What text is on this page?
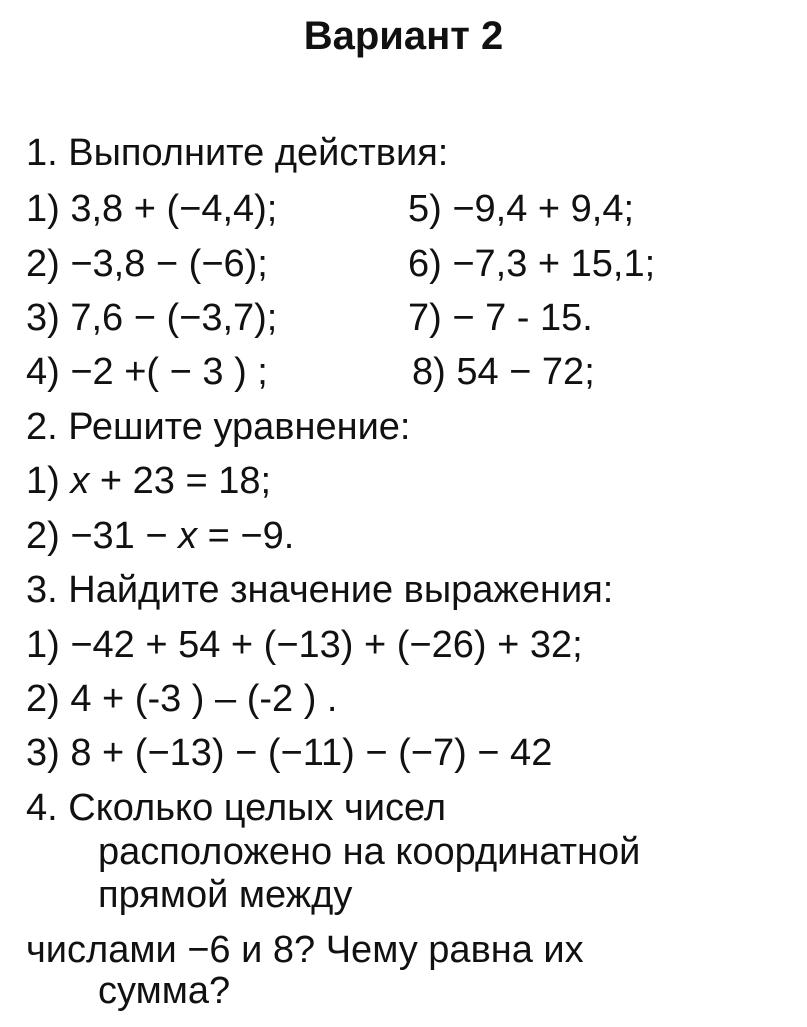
Вариант 2
1. Выполните действия:
1) 3,8 + (−4,4);	5) −9,4 + 9,4;
2) −3,8 − (−6);	6) −7,3 + 15,1;
3) 7,6 − (−3,7);	7) − 7 - 15.
4) −2 +( − 3 ) ;	8) 54 − 72;
2. Решите уравнение:
1) x + 23 = 18;
2) −31 − x = −9.
3. Найдите значение выражения:
1) −42 + 54 + (−13) + (−26) + 32;
2) 4 + (-3 ) – (-2 ) .
3) 8 + (−13) − (−11) − (−7) − 42
4. Сколько целых чисел
расположено на координатной
прямой между
числами −6 и 8? Чему равна их
сумма?
